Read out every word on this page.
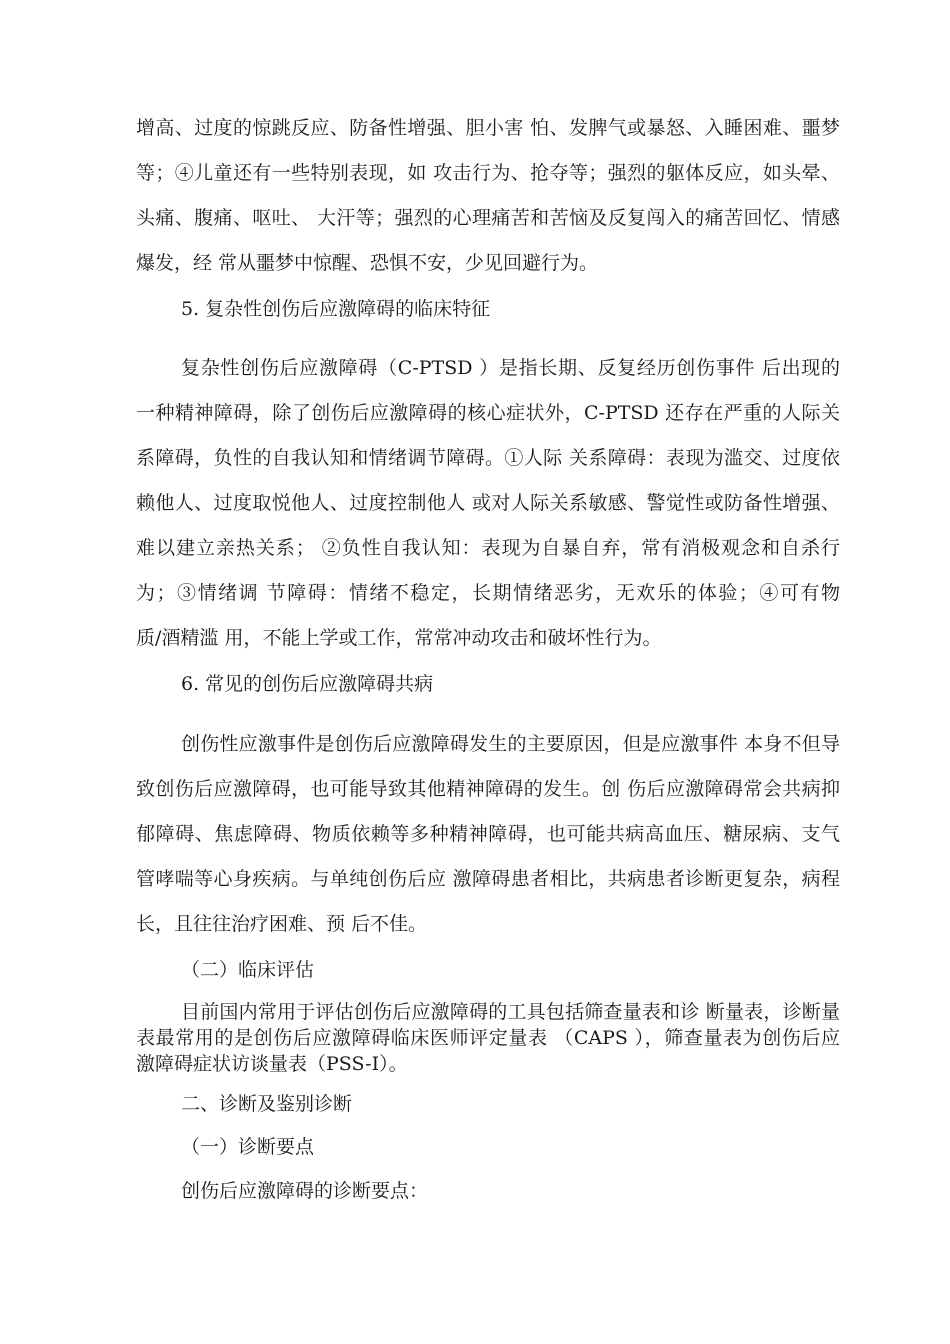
增高、过度的惊跳反应、防备性增强、胆小害 怕、发脾气或暴怒、入睡困难、噩梦
等；④儿童还有一些特别表现，如 攻击行为、抢夺等；强烈的躯体反应，如头晕、
头痛、腹痛、呕吐、 大汗等；强烈的心理痛苦和苦恼及反复闯入的痛苦回忆、情感
爆发，经 常从噩梦中惊醒、恐惧不安，少见回避行为。
5. 复杂性创伤后应激障碍的临床特征
复杂性创伤后应激障碍（C-PTSD ）是指长期、反复经历创伤事件 后出现的
一种精神障碍，除了创伤后应激障碍的核心症状外，C-PTSD 还存在严重的人际关
系障碍，负性的自我认知和情绪调节障碍。①人际 关系障碍：表现为滥交、过度依
赖他人、过度取悦他人、过度控制他人 或对人际关系敏感、警觉性或防备性增强、
难以建立亲热关系； ②负性自我认知：表现为自暴自弃，常有消极观念和自杀行
为；③情绪调 节障碍：情绪不稳定，长期情绪恶劣，无欢乐的体验；④可有物
质/酒精滥 用，不能上学或工作，常常冲动攻击和破坏性行为。
6. 常见的创伤后应激障碍共病
创伤性应激事件是创伤后应激障碍发生的主要原因，但是应激事件 本身不但导
致创伤后应激障碍，也可能导致其他精神障碍的发生。创 伤后应激障碍常会共病抑
郁障碍、焦虑障碍、物质依赖等多种精神障碍，也可能共病高血压、糖尿病、支气
管哮喘等心身疾病。与单纯创伤后应 激障碍患者相比，共病患者诊断更复杂，病程
长，且往往治疗困难、预 后不佳。
（二）临床评估
目前国内常用于评估创伤后应激障碍的工具包括筛查量表和诊 断量表，诊断量
表最常用的是创伤后应激障碍临床医师评定量表 （CAPS ），筛查量表为创伤后应
激障碍症状访谈量表（PSS-I）。
二、诊断及鉴别诊断
（一）诊断要点
创伤后应激障碍的诊断要点：
